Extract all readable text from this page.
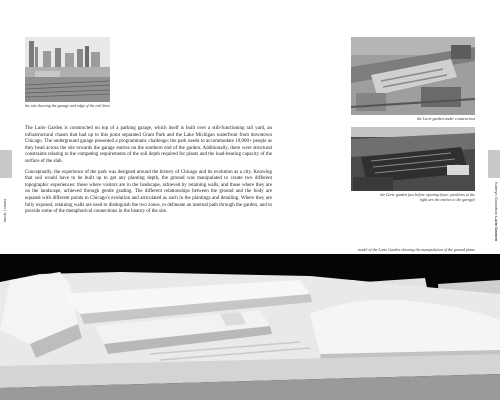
lands | cases	Kathryn Gustafson Lurie Garden
the site showing the garage and edge of the rail lines
the Lurie garden under construction
the Lurie garden just before opening (note: pavilions to the right are the entries to the garage)

The Lurie Garden is constructed on top of a parking garage, which itself is built over a still-functioning rail yard, an infrastructural chasm that had up to this point separated Grant Park and the Lake Michigan waterfront from downtown Chicago. The underground garage presented a programmatic challenge; the park needs to accommodate 10,000+ people as they head across the site towards the garage entries on the southern end of the garden. Additionally, there were structural constraints relating to the competing requirements of the soil depth required for plants and the load-bearing capacity of the surface of the slab.

Conceptually, the experience of the park was designed around the history of Chicago and its evolution as a city. Knowing that soil would have to be built up to get any planting depth, the ground was manipulated to create two different topographic experiences: those where visitors are in the landscape, achieved by retaining walls, and those where they are on the landscape, achieved through gentle grading. The different relationships between the ground and the body are equated with different points in Chicago's evolution and articulated as such in the plantings and detailing. Where they are fully exposed, retaining walls are used to distinguish the two zones, to delineate an internal path through the garden, and to provide some of the metaphorical connections in the history of the site.

model of the Lurie Garden showing the manipulation of the ground plane
